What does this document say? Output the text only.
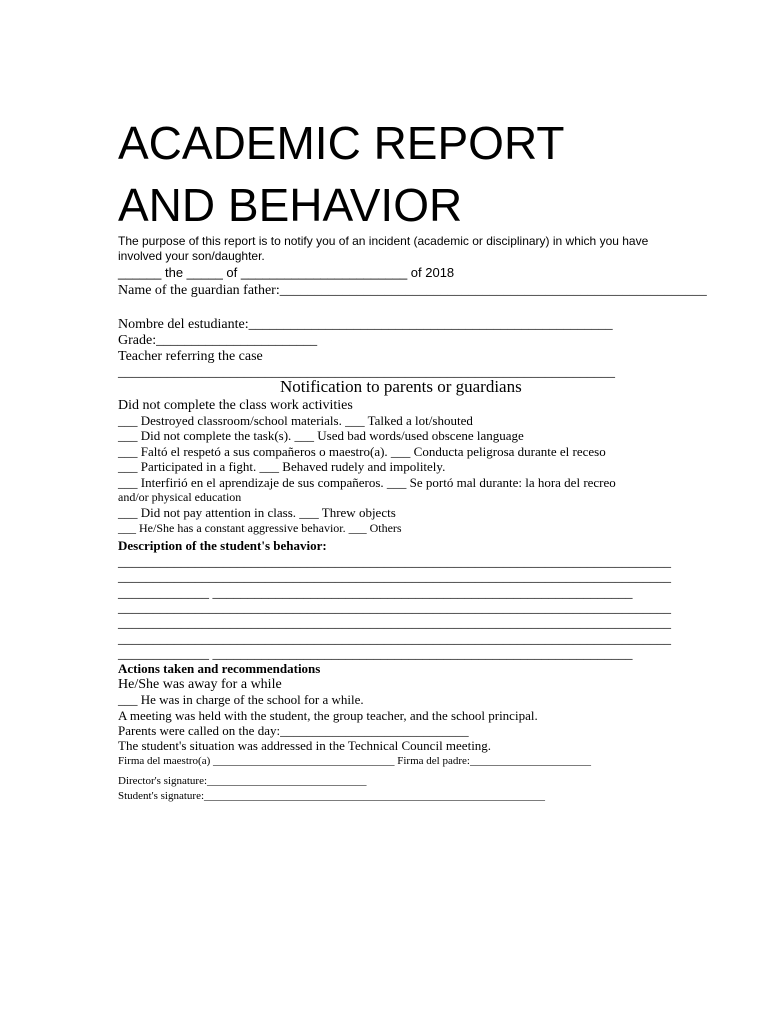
ACADEMIC REPORT
AND BEHAVIOR

The purpose of this report is to notify you of an incident (academic or disciplinary) in which you have involved your son/daughter.

______ the _____ of _______________________ of 2018
Name of the guardian father:_____________________________________________________________
Nombre del estudiante:____________________________________________________
Grade:_______________________
Teacher referring the case
_______________________________________________________________________
Notification to parents or guardians
Did not complete the class work activities
___ Destroyed classroom/school materials. ___ Talked a lot/shouted
___ Did not complete the task(s). ___ Used bad words/used obscene language
___ Faltó el respetó a sus compañeros o maestro(a). ___ Conducta peligrosa durante el receso
___ Participated in a fight. ___ Behaved rudely and impolitely.
___ Interfirió en el aprendizaje de sus compañeros. ___ Se portó mal durante: la hora del recreo
and/or physical education
___ Did not pay attention in class. ___ Threw objects
___ He/She has a constant aggressive behavior. ___ Others
Description of the student's behavior:
_______________________________________________________________________________
_______________________________________________________________________________
_____________ ____________________________________________________________
_______________________________________________________________________________
_______________________________________________________________________________
_______________________________________________________________________________
_____________ ____________________________________________________________
Actions taken and recommendations
He/She was away for a while
___ He was in charge of the school for a while.
A meeting was held with the student, the group teacher, and the school principal.
Parents were called on the day:_____________________________
The student's situation was addressed in the Technical Council meeting.
Firma del maestro(a) _________________________________ Firma del padre:______________________
Director's signature:_____________________________
Student's signature:______________________________________________________________
